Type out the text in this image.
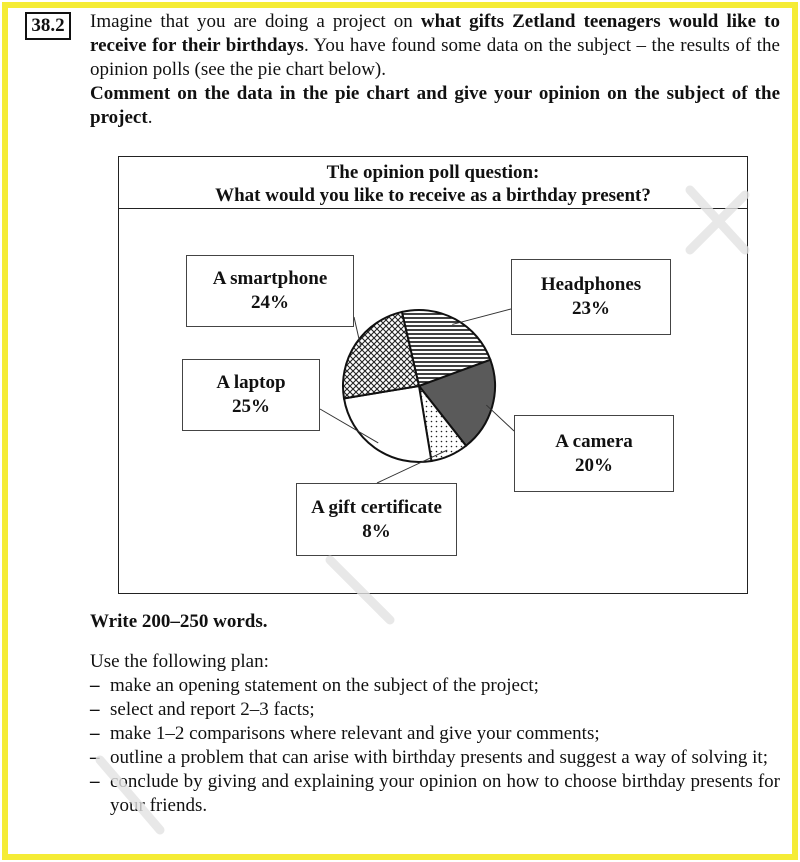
38.2	Imagine that you are doing a project on what gifts Zetland teenagers would like to receive for their birthdays. You have found some data on the subject – the results of the opinion polls (see the pie chart below).

Comment on the data in the pie chart and give your opinion on the subject of the project.

The opinion poll question:
What would you like to receive as a birthday present?
A smartphone
24%
Headphones
23%
A laptop
25%
A camera
20%
A gift certificate
8%
Write 200–250 words.

Use the following plan:

– make an opening statement on the subject of the project;
– select and report 2–3 facts;
– make 1–2 comparisons where relevant and give your comments;
– outline a problem that can arise with birthday presents and suggest a way of solving it;
– conclude by giving and explaining your opinion on how to choose birthday presents for your friends.
